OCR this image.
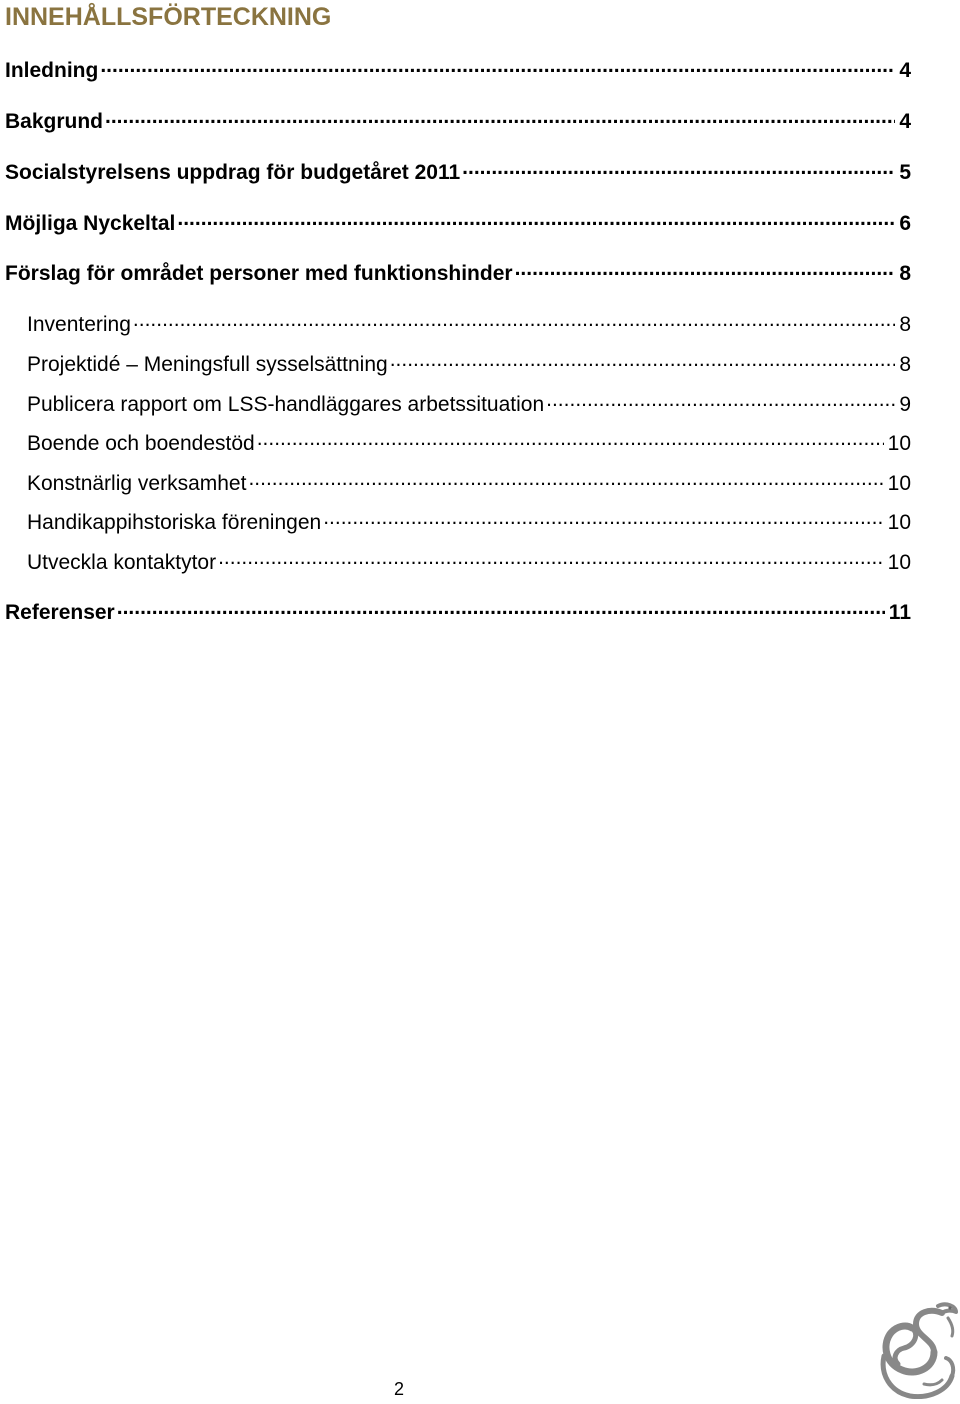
INNEHÅLLSFÖRTECKNING
Inledning .....	4
Bakgrund .....	4
Socialstyrelsens uppdrag för budgetåret 2011 .....	5
Möjliga Nyckeltal .....	6
Förslag för området personer med funktionshinder .....	8
Inventering .....	8
Projektidé – Meningsfull sysselsättning .....	8
Publicera rapport om LSS-handläggares arbetssituation .....	9
Boende och boendestöd .....	10
Konstnärlig verksamhet .....	10
Handikappihstoriska föreningen .....	10
Utveckla kontaktytor .....	10
Referenser .....	11
2
